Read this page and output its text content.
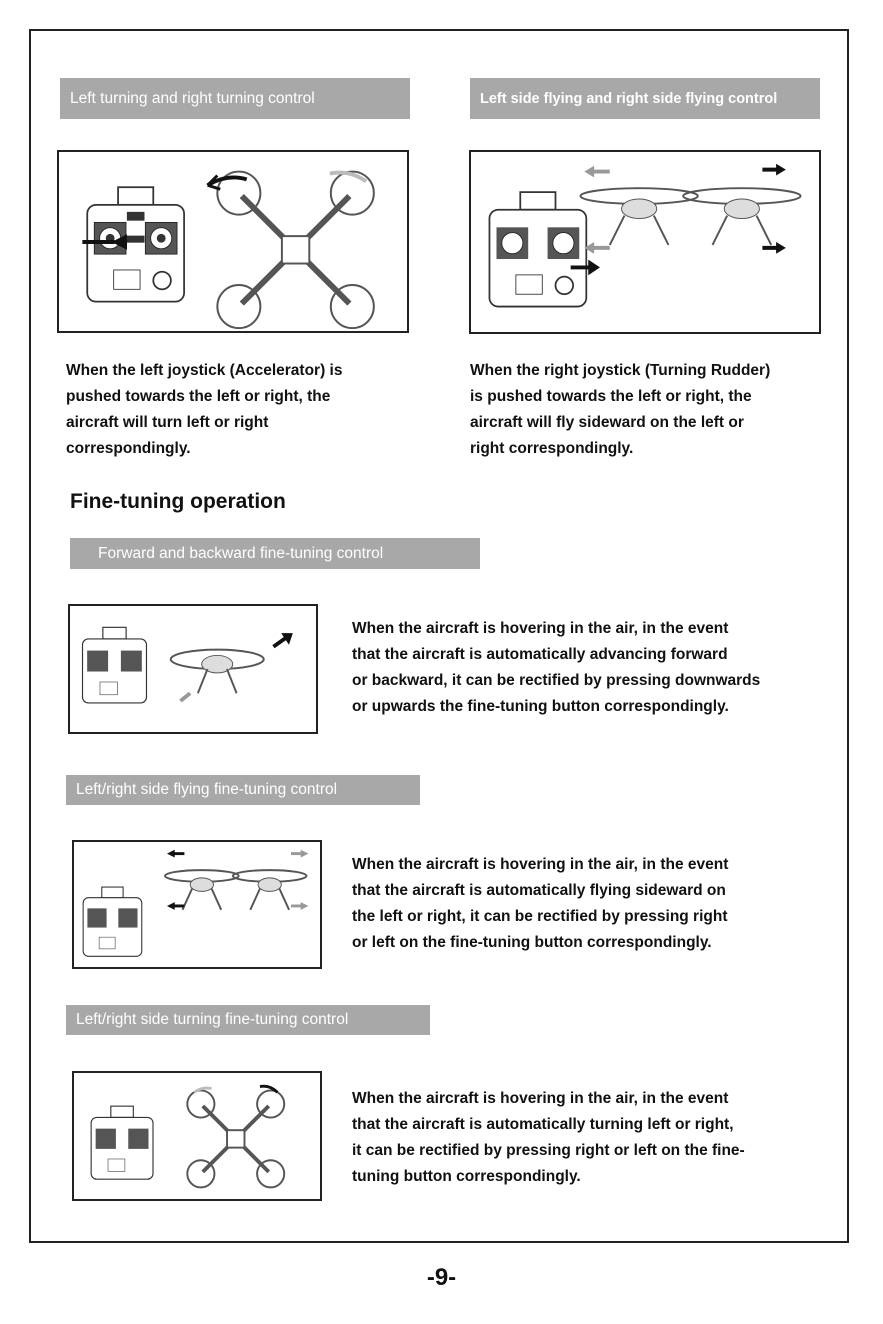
Left turning and right turning control
When the left joystick (Accelerator) is
pushed towards the left or right, the
aircraft will turn left or right
correspondingly.
Left side flying and right side flying control
When the right joystick (Turning Rudder)
is pushed towards the left or right, the
aircraft will fly sideward on the left or
right correspondingly.
Fine-tuning operation
Forward and backward fine-tuning control
When the aircraft is hovering in the air, in the event
that the aircraft is automatically advancing forward
or backward, it can be rectified by pressing downwards
or upwards the fine-tuning button correspondingly.
Left/right side flying fine-tuning control
When the aircraft is hovering in the air, in the event
that the aircraft is automatically flying sideward on
the left or right, it can be rectified by pressing right
or left on the fine-tuning button correspondingly.
Left/right side turning fine-tuning control
When the aircraft is hovering in the air, in the event
that the aircraft is automatically turning left or right,
it can be rectified by pressing right or left on the fine-
tuning button correspondingly.
-9-
